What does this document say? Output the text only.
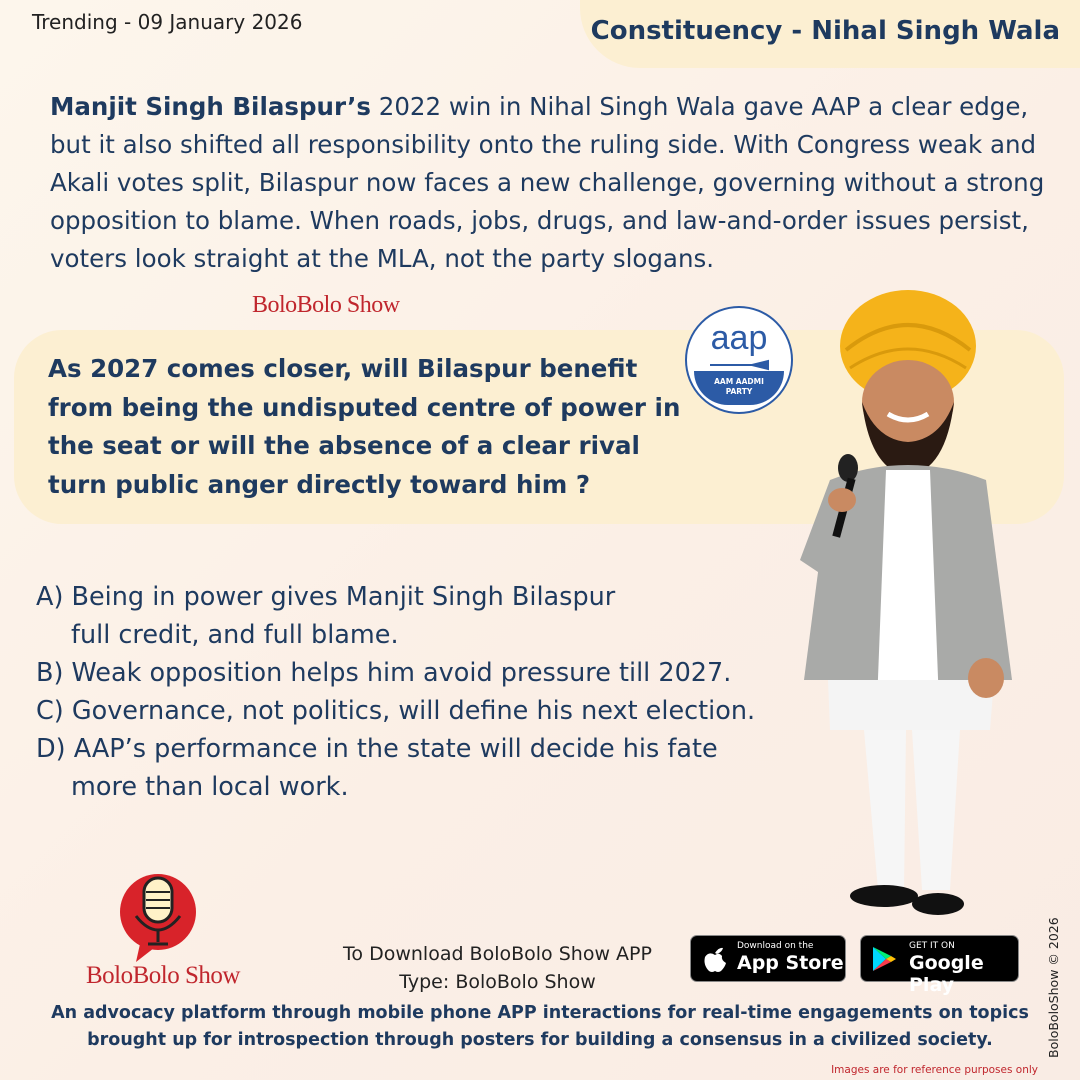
Trending - 09 January 2026	Constituency - Nihal Singh Wala
Manjit Singh Bilaspur’s 2022 win in Nihal Singh Wala gave AAP a clear edge, but it also shifted all responsibility onto the ruling side. With Congress weak and Akali votes split, Bilaspur now faces a new challenge, governing without a strong opposition to blame. When roads, jobs, drugs, and law-and-order issues persist, voters look straight at the MLA, not the party slogans.
BoloBolo Show
As 2027 comes closer, will Bilaspur benefit from being the undisputed centre of power in the seat or will the absence of a clear rival turn public anger directly toward him ?
aap
AAM AADMI
PARTY
A) Being in power gives Manjit Singh Bilaspur
full credit, and full blame.
B) Weak opposition helps him avoid pressure till 2027.
C) Governance, not politics, will define his next election.
D) AAP’s performance in the state will decide his fate
more than local work.
BoloBolo Show
To Download BoloBolo Show APP
Type: BoloBolo Show
Download on the
App Store
GET IT ON
Google Play
An advocacy platform through mobile phone APP interactions for real-time engagements on topics brought up for introspection through posters for building a consensus in a civilized society.	BoloBoloShow © 2026
Images are for reference purposes only
